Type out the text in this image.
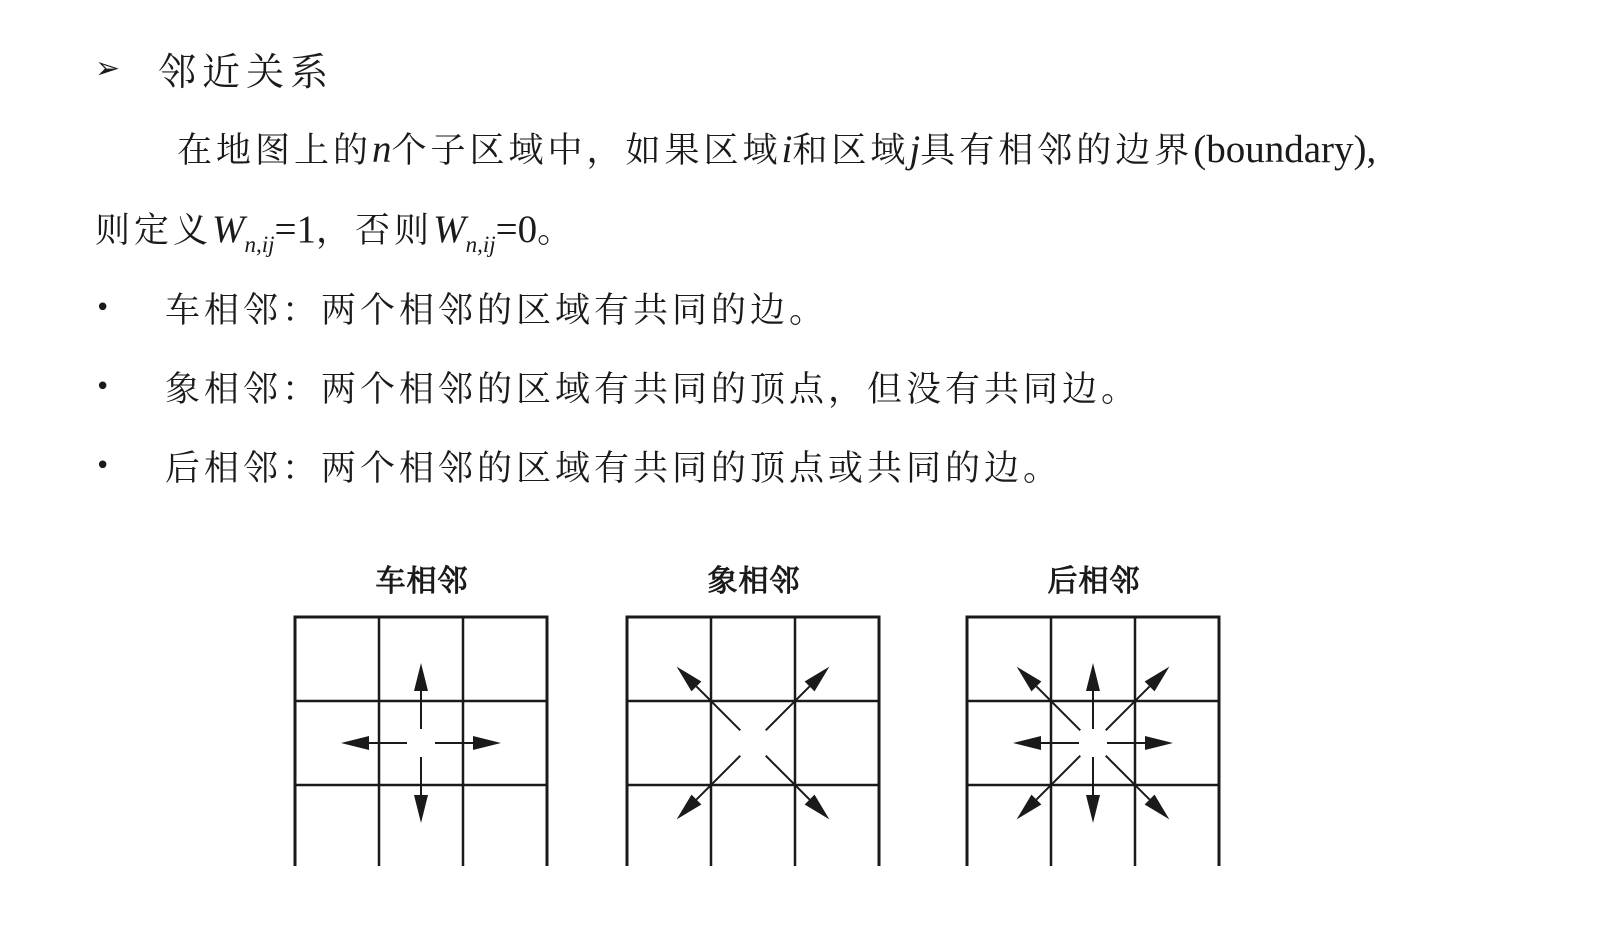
➢ 邻近关系
在地图上的n个子区域中，如果区域i和区域j具有相邻的边界(boundary),
则定义$W_{n,ij}=1$，否则$W_{n,ij}=0$。
•	车相邻：两个相邻的区域有共同的边。
•	象相邻：两个相邻的区域有共同的顶点，但没有共同边。
•	后相邻：两个相邻的区域有共同的顶点或共同的边。
车相邻	象相邻	后相邻
